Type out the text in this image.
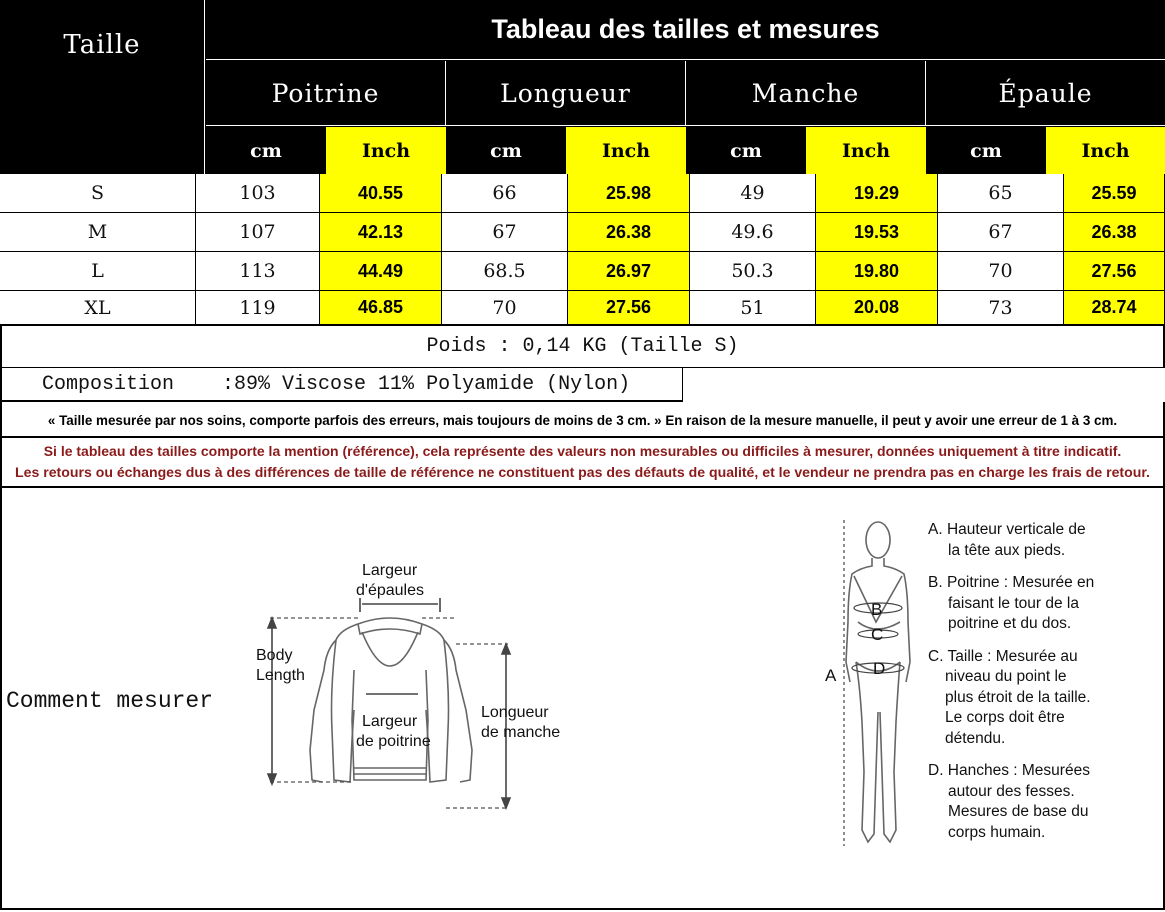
Taille
Tableau des tailles et mesures
Poitrine	Longueur	Manche	Épaule
cm	Inch	cm	Inch	cm	Inch	cm	Inch
S	103	40.55	66	25.98	49	19.29	65	25.59
M	107	42.13	67	26.38	49.6	19.53	67	26.38
L	113	44.49	68.5	26.97	50.3	19.80	70	27.56
XL	119	46.85	70	27.56	51	20.08	73	28.74
Poids : 0,14 KG (Taille S)
Composition    :89% Viscose 11% Polyamide (Nylon)
« Taille mesurée par nos soins, comporte parfois des erreurs, mais toujours de moins de 3 cm. » En raison de la mesure manuelle, il peut y avoir une erreur de 1 à 3 cm.
Si le tableau des tailles comporte la mention (référence), cela représente des valeurs non mesurables ou difficiles à mesurer, données uniquement à titre indicatif.
Les retours ou échanges dus à des différences de taille de référence ne constituent pas des défauts de qualité, et le vendeur ne prendra pas en charge les frais de retour.
Comment mesurer
Largeur
d'épaules
Body
Length
Largeur
de poitrine
Longueur
de manche
A
B
C
D
A. Hauteur verticale de
la tête aux pieds.
B. Poitrine : Mesurée en
faisant le tour de la
poitrine et du dos.
C. Taille : Mesurée au
niveau du point le
plus étroit de la taille.
Le corps doit être
détendu.
D. Hanches : Mesurées
autour des fesses.
Mesures de base du
corps humain.
